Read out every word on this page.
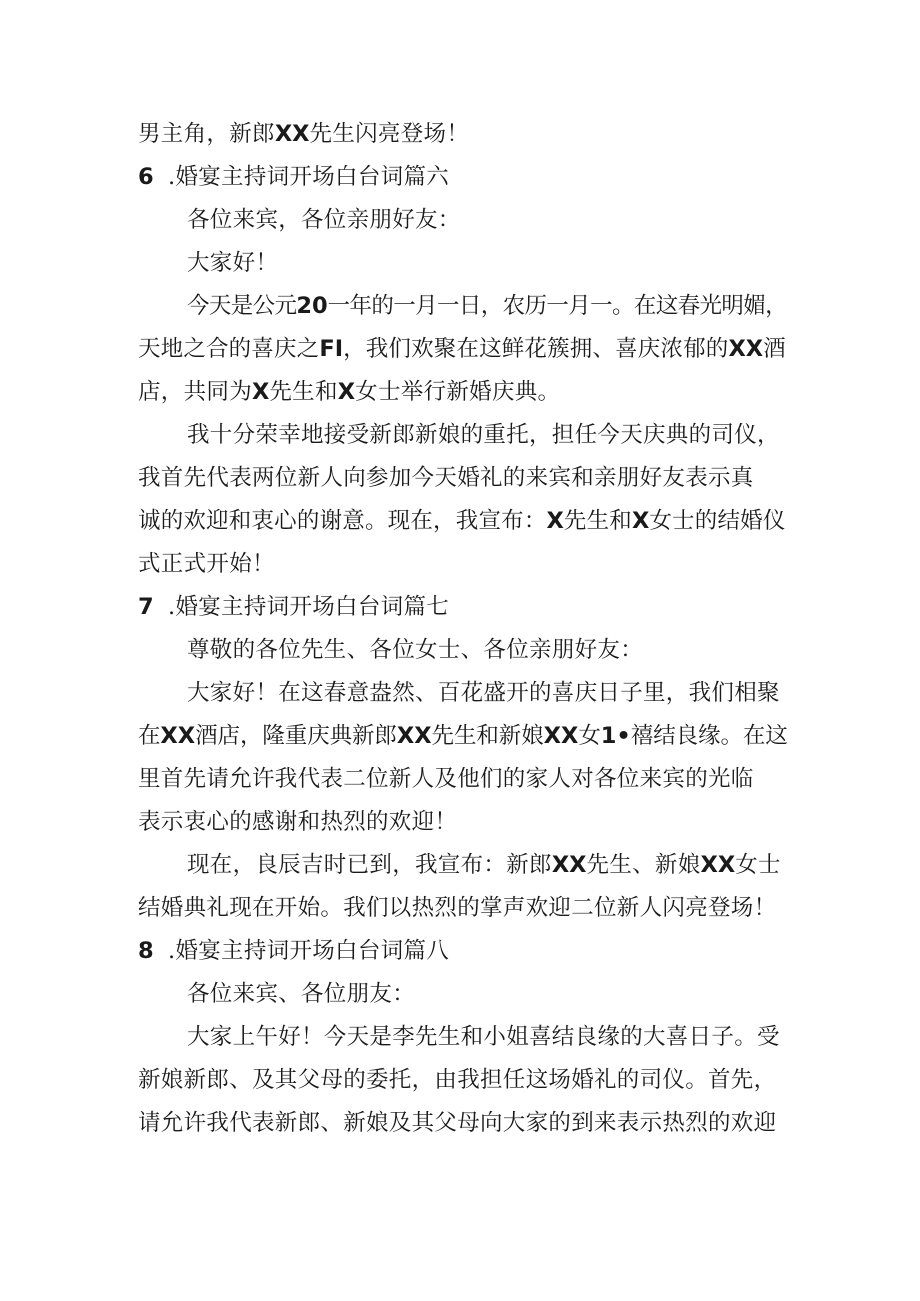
男主角，新郎XX先生闪亮登场！
6 .婚宴主持词开场白台词篇六
各位来宾，各位亲朋好友：
大家好！
今天是公元20一年的一月一日，农历一月一。在这春光明媚，
天地之合的喜庆之FI，我们欢聚在这鲜花簇拥、喜庆浓郁的XX酒
店，共同为X先生和X女士举行新婚庆典。
我十分荣幸地接受新郎新娘的重托，担任今天庆典的司仪，
我首先代表两位新人向参加今天婚礼的来宾和亲朋好友表示真
诚的欢迎和衷心的谢意。现在，我宣布：X先生和X女士的结婚仪
式正式开始！
7 .婚宴主持词开场白台词篇七
尊敬的各位先生、各位女士、各位亲朋好友：
大家好！在这春意盎然、百花盛开的喜庆日子里，我们相聚
在XX酒店，隆重庆典新郎XX先生和新娘XX女1•禧结良缘。在这
里首先请允许我代表二位新人及他们的家人对各位来宾的光临
表示衷心的感谢和热烈的欢迎！
现在，良辰吉时已到，我宣布：新郎XX先生、新娘XX女士
结婚典礼现在开始。我们以热烈的掌声欢迎二位新人闪亮登场！
8 .婚宴主持词开场白台词篇八
各位来宾、各位朋友：
大家上午好！今天是李先生和小姐喜结良缘的大喜日子。受
新娘新郎、及其父母的委托，由我担任这场婚礼的司仪。首先，
请允许我代表新郎、新娘及其父母向大家的到来表示热烈的欢迎
